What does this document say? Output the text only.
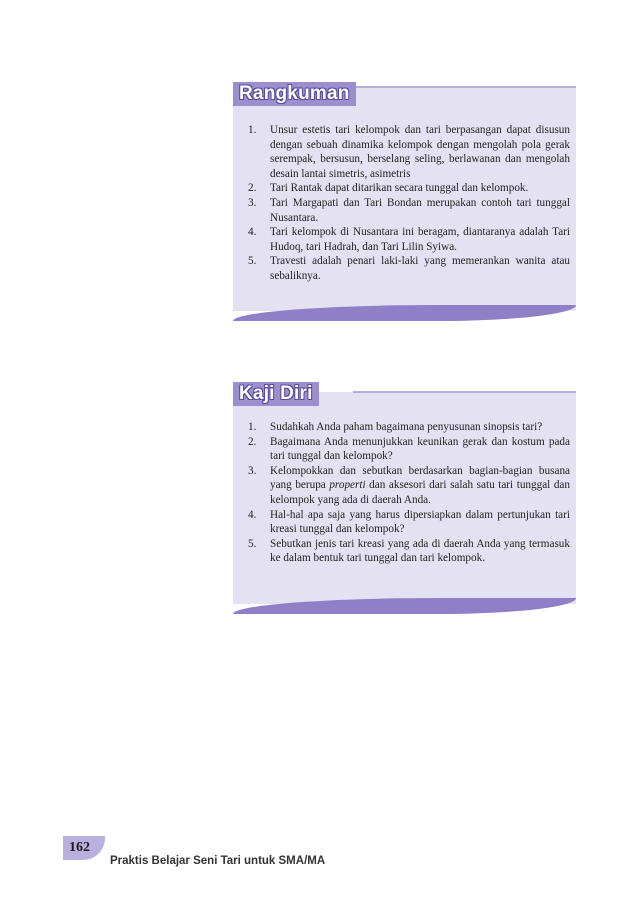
Rangkuman
1. Unsur estetis tari kelompok dan tari berpasangan dapat disusun dengan sebuah dinamika kelompok dengan mengolah pola gerak serempak, bersusun, berselang seling, berlawanan dan mengolah desain lantai simetris, asimetris
2. Tari Rantak dapat ditarikan secara tunggal dan kelompok.
3. Tari Margapati dan Tari Bondan merupakan contoh tari tunggal Nusantara.
4. Tari kelompok di Nusantara ini beragam, diantaranya adalah Tari Hudoq, tari Hadrah, dan Tari Lilin Syiwa.
5. Travesti adalah penari laki-laki yang memerankan wanita atau sebaliknya.
Kaji Diri
1. Sudahkah Anda paham bagaimana penyusunan sinopsis tari?
2. Bagaimana Anda menunjukkan keunikan gerak dan kostum pada tari tunggal dan kelompok?
3. Kelompokkan dan sebutkan berdasarkan bagian-bagian busana yang berupa properti dan aksesori dari salah satu tari tunggal dan kelompok yang ada di daerah Anda.
4. Hal-hal apa saja yang harus dipersiapkan dalam pertunjukan tari kreasi tunggal dan kelompok?
5. Sebutkan jenis tari kreasi yang ada di daerah Anda yang termasuk ke dalam bentuk tari tunggal dan tari kelompok.
162
Praktis Belajar Seni Tari untuk SMA/MA
